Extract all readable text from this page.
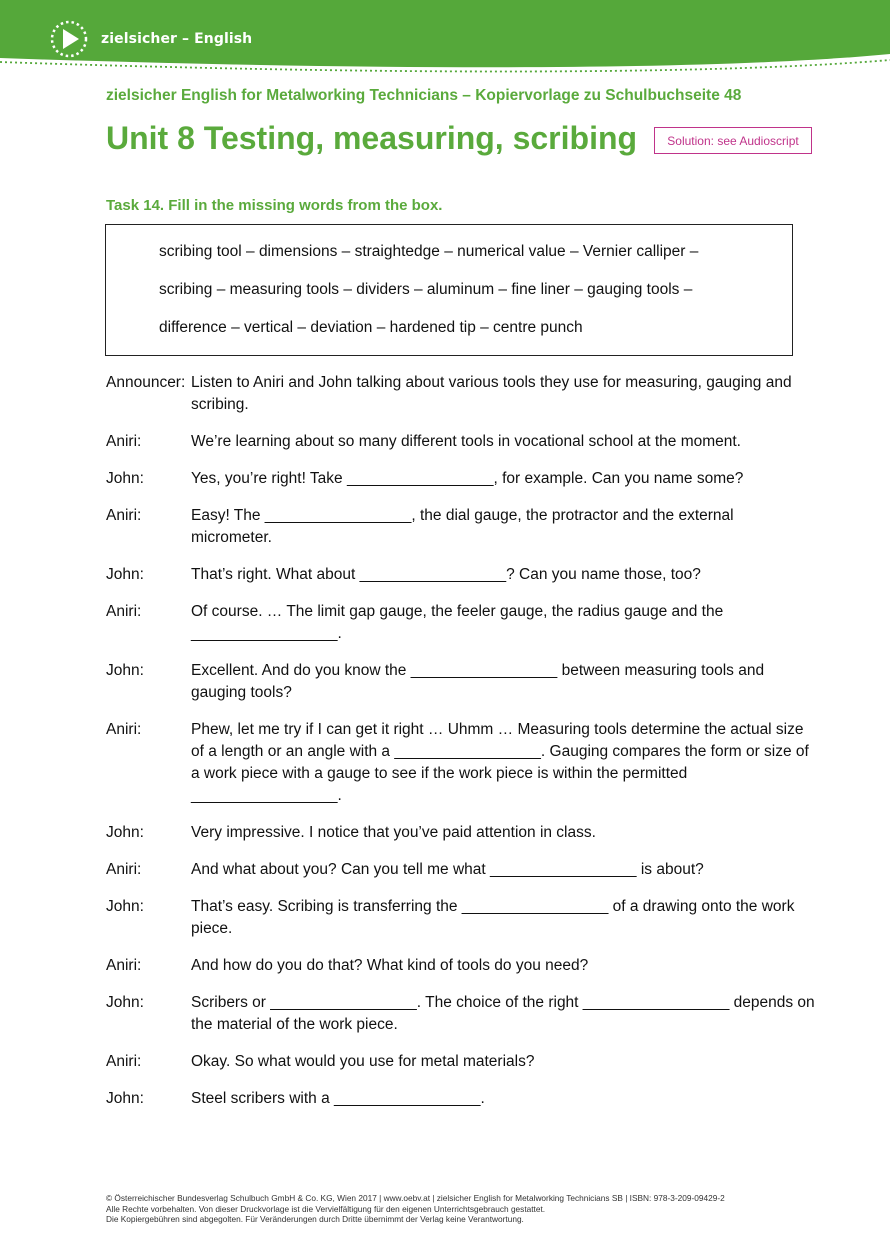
zielsicher – English
zielsicher English for Metalworking Technicians – Kopiervorlage zu Schulbuchseite 48
Unit 8 Testing, measuring, scribing	Solution: see Audioscript
Task 14. Fill in the missing words from the box.
scribing tool – dimensions – straightedge – numerical value – Vernier calliper –
scribing – measuring tools – dividers – aluminum – fine liner – gauging tools –
difference – vertical – deviation – hardened tip – centre punch
Announcer: Listen to Aniri and John talking about various tools they use for measuring, gauging and scribing.
Aniri:	We’re learning about so many different tools in vocational school at the moment.
John:	Yes, you’re right! Take _________________, for example. Can you name some?
Aniri:	Easy! The _________________, the dial gauge, the protractor and the external micrometer.
John:	That’s right. What about _________________? Can you name those, too?
Aniri:	Of course. … The limit gap gauge, the feeler gauge, the radius gauge and the _________________.
John:	Excellent. And do you know the _________________ between measuring tools and gauging tools?
Aniri:	Phew, let me try if I can get it right … Uhmm … Measuring tools determine the actual size of a length or an angle with a _________________. Gauging compares the form or size of a work piece with a gauge to see if the work piece is within the permitted _________________.
John:	Very impressive. I notice that you’ve paid attention in class.
Aniri:	And what about you? Can you tell me what _________________ is about?
John:	That’s easy. Scribing is transferring the _________________ of a drawing onto the work piece.
Aniri:	And how do you do that? What kind of tools do you need?
John:	Scribers or _________________. The choice of the right _________________ depends on the material of the work piece.
Aniri:	Okay. So what would you use for metal materials?
John:	Steel scribers with a _________________.
© Österreichischer Bundesverlag Schulbuch GmbH & Co. KG, Wien 2017 | www.oebv.at | zielsicher English for Metalworking Technicians SB | ISBN: 978-3-209-09429-2
Alle Rechte vorbehalten. Von dieser Druckvorlage ist die Vervielfältigung für den eigenen Unterrichtsgebrauch gestattet.
Die Kopiergebühren sind abgegolten. Für Veränderungen durch Dritte übernimmt der Verlag keine Verantwortung.
